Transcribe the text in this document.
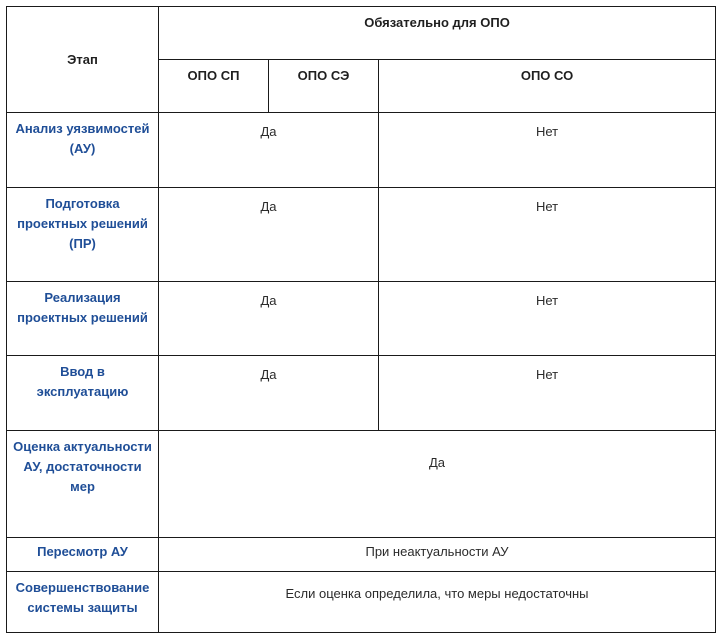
Этап	Обязательно для ОПО		
	ОПО СП	ОПО СЭ	ОПО СО
Анализ уязвимостей (АУ)	Да		Нет
Подготовка проектных решений (ПР)	Да		Нет
Реализация проектных решений	Да		Нет
Ввод в эксплуатацию	Да		Нет
Оценка актуальности АУ, достаточности мер	Да		
Пересмотр АУ	При неактуальности АУ		
Совершенствование системы защиты	Если оценка определила, что меры недостаточны		
